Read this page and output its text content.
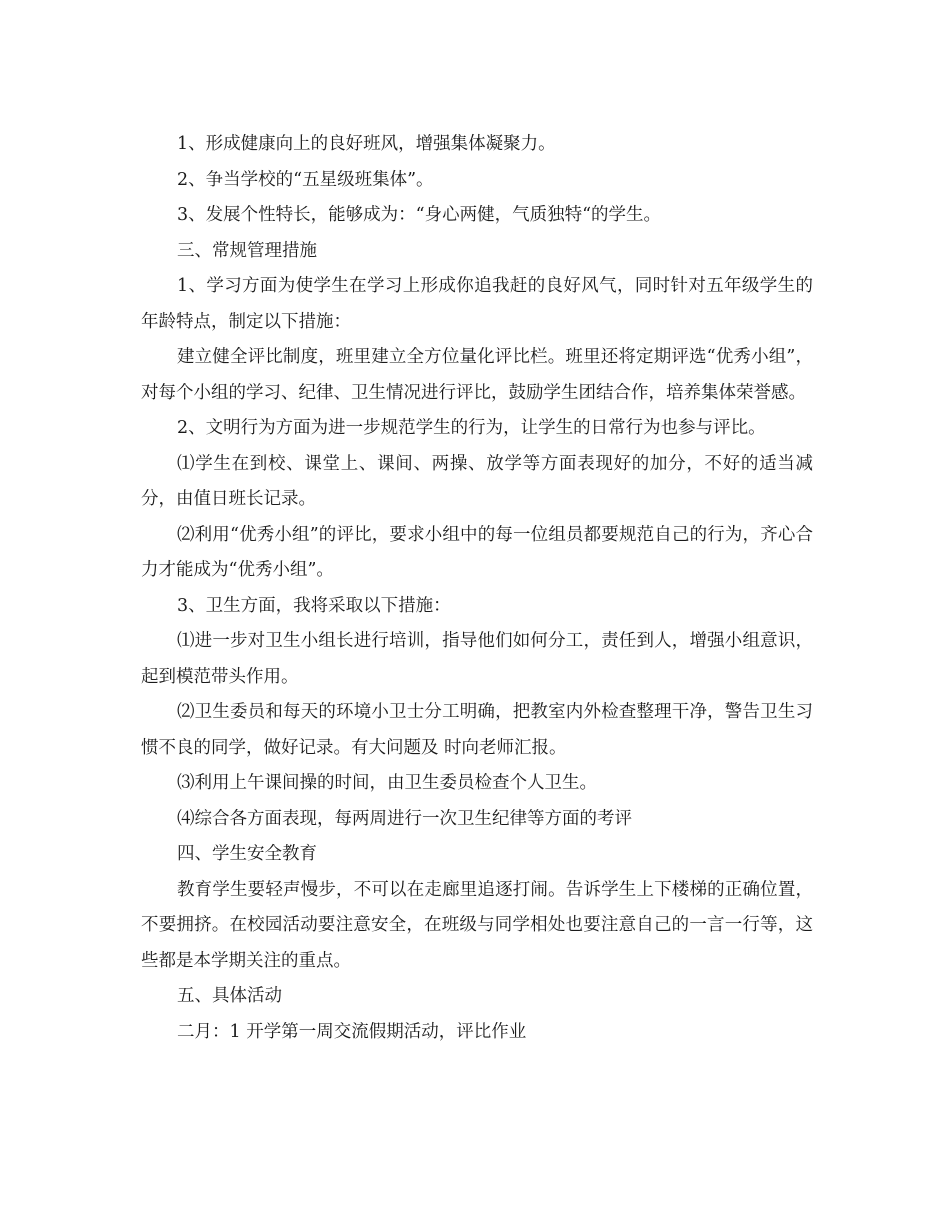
1、形成健康向上的良好班风，增强集体凝聚力。

2、争当学校的“五星级班集体”。

3、发展个性特长，能够成为：“身心两健，气质独特“的学生。

三、常规管理措施

1、学习方面为使学生在学习上形成你追我赶的良好风气，同时针对五年级学生的年龄特点，制定以下措施：

建立健全评比制度，班里建立全方位量化评比栏。班里还将定期评选“优秀小组”，对每个小组的学习、纪律、卫生情况进行评比，鼓励学生团结合作，培养集体荣誉感。

2、文明行为方面为进一步规范学生的行为，让学生的日常行为也参与评比。

⑴学生在到校、课堂上、课间、两操、放学等方面表现好的加分，不好的适当减分，由值日班长记录。

⑵利用“优秀小组”的评比，要求小组中的每一位组员都要规范自己的行为，齐心合力才能成为“优秀小组”。

3、卫生方面，我将采取以下措施：

⑴进一步对卫生小组长进行培训，指导他们如何分工，责任到人，增强小组意识，起到模范带头作用。

⑵卫生委员和每天的环境小卫士分工明确，把教室内外检查整理干净，警告卫生习惯不良的同学，做好记录。有大问题及 时向老师汇报。

⑶利用上午课间操的时间，由卫生委员检查个人卫生。

⑷综合各方面表现，每两周进行一次卫生纪律等方面的考评

四、学生安全教育

教育学生要轻声慢步，不可以在走廊里追逐打闹。告诉学生上下楼梯的正确位置，不要拥挤。在校园活动要注意安全，在班级与同学相处也要注意自己的一言一行等，这些都是本学期关注的重点。

五、具体活动

二月：1 开学第一周交流假期活动，评比作业
